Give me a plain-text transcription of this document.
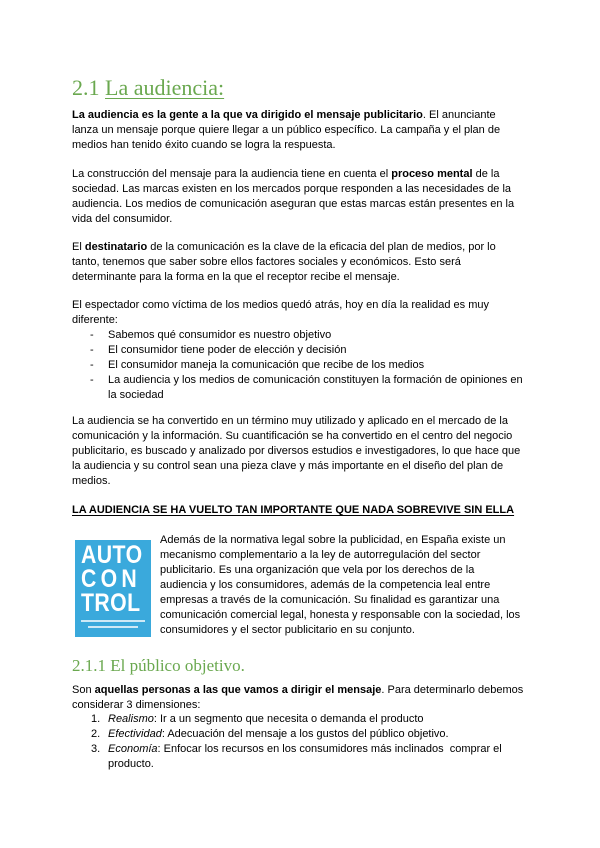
2.1 La audiencia:
La audiencia es la gente a la que va dirigido el mensaje publicitario. El anunciante
lanza un mensaje porque quiere llegar a un público específico. La campaña y el plan de
medios han tenido éxito cuando se logra la respuesta.
La construcción del mensaje para la audiencia tiene en cuenta el proceso mental de la
sociedad. Las marcas existen en los mercados porque responden a las necesidades de la
audiencia. Los medios de comunicación aseguran que estas marcas están presentes en la
vida del consumidor.
El destinatario de la comunicación es la clave de la eficacia del plan de medios, por lo
tanto, tenemos que saber sobre ellos factores sociales y económicos. Esto será
determinante para la forma en la que el receptor recibe el mensaje.
El espectador como víctima de los medios quedó atrás, hoy en día la realidad es muy
diferente:
- Sabemos qué consumidor es nuestro objetivo
- El consumidor tiene poder de elección y decisión
- El consumidor maneja la comunicación que recibe de los medios
- La audiencia y los medios de comunicación constituyen la formación de opiniones en
la sociedad
La audiencia se ha convertido en un término muy utilizado y aplicado en el mercado de la
comunicación y la información. Su cuantificación se ha convertido en el centro del negocio
publicitario, es buscado y analizado por diversos estudios e investigadores, lo que hace que
la audiencia y su control sean una pieza clave y más importante en el diseño del plan de
medios.
LA AUDIENCIA SE HA VUELTO TAN IMPORTANTE QUE NADA SOBREVIVE SIN ELLA
AUTO
CON
TROL
Además de la normativa legal sobre la publicidad, en España existe un
mecanismo complementario a la ley de autorregulación del sector
publicitario. Es una organización que vela por los derechos de la
audiencia y los consumidores, además de la competencia leal entre
empresas a través de la comunicación. Su finalidad es garantizar una
comunicación comercial legal, honesta y responsable con la sociedad, los
consumidores y el sector publicitario en su conjunto.
2.1.1 El público objetivo.
Son aquellas personas a las que vamos a dirigir el mensaje. Para determinarlo debemos
considerar 3 dimensiones:
1. Realismo: Ir a un segmento que necesita o demanda el producto
2. Efectividad: Adecuación del mensaje a los gustos del público objetivo.
3. Economía: Enfocar los recursos en los consumidores más inclinados  comprar el
producto.
